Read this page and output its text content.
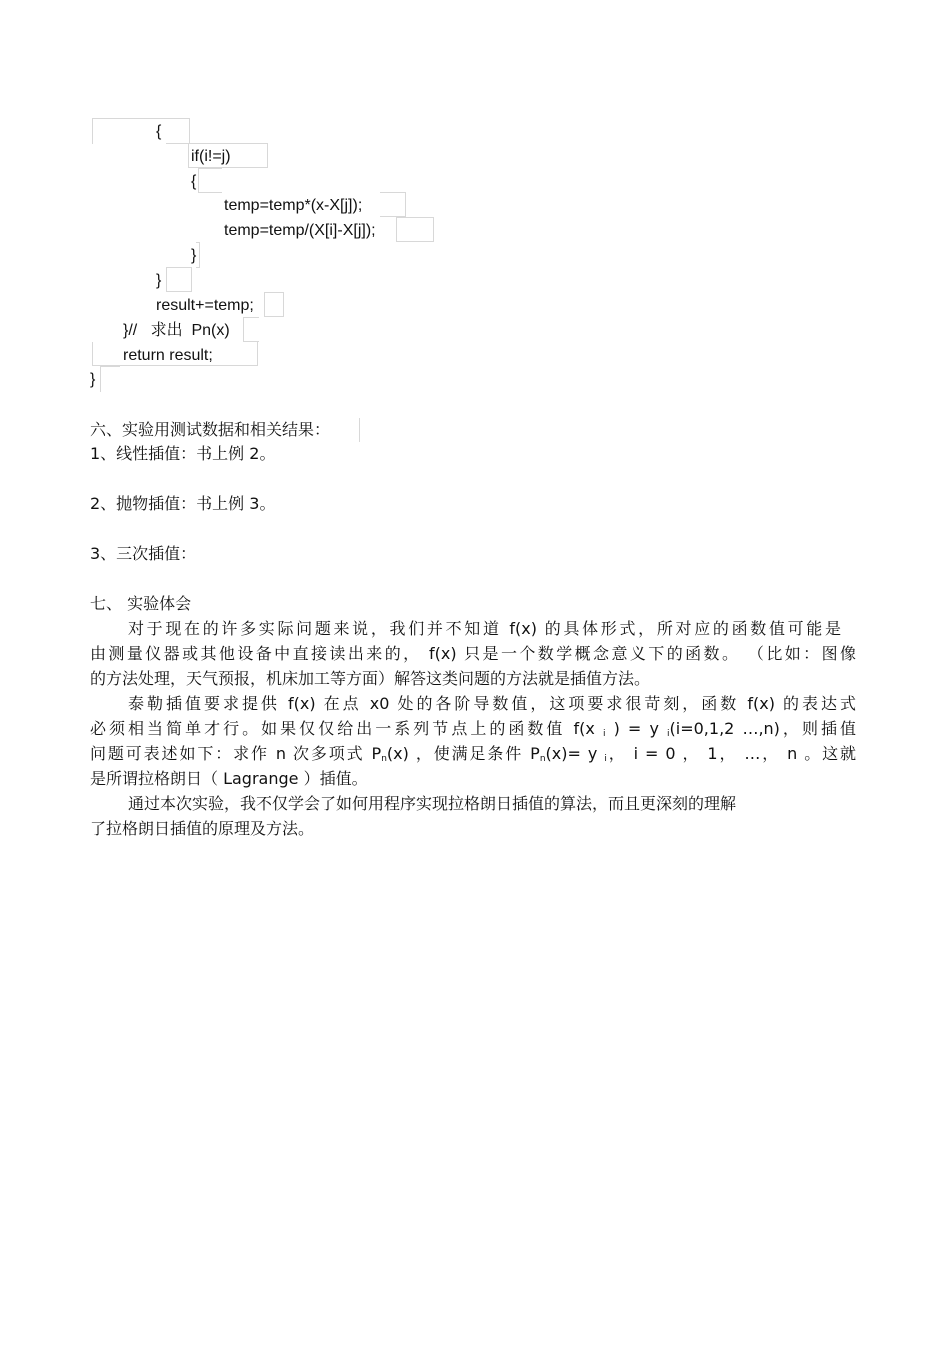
{
if(i!=j)
{
temp=temp*(x-X[j]);
temp=temp/(X[i]-X[j]);
}
}
result+=temp;
}//   求出  Pn(x)
return result;
}
六、实验用测试数据和相关结果：
1、线性插值：书上例 2。
2、抛物插值：书上例 3。
3、三次插值：
七、 实验体会
对于现在的许多实际问题来说，我们并不知道 f(x) 的具体形式，所对应的函数值可能是
由测量仪器或其他设备中直接读出来的， f(x) 只是一个数学概念意义下的函数。 （比如：图像
的方法处理，天气预报，机床加工等方面）解答这类问题的方法就是插值方法。
泰勒插值要求提供 f(x) 在点 x0 处的各阶导数值，这项要求很苛刻，函数 f(x) 的表达式
必须相当简单才行。如果仅仅给出一系列节点上的函数值 f(x $_i$ ) = y $_i$(i=0,1,2 …,n)，则插值
问题可表述如下：求作 n 次多项式 $P_n(x)$ ，使满足条件 $P_n(x)= y$ $_i$， i = 0 ， 1， …， n 。这就
是所谓拉格朗日（ Lagrange ）插值。
通过本次实验，我不仅学会了如何用程序实现拉格朗日插值的算法，而且更深刻的理解
了拉格朗日插值的原理及方法。
